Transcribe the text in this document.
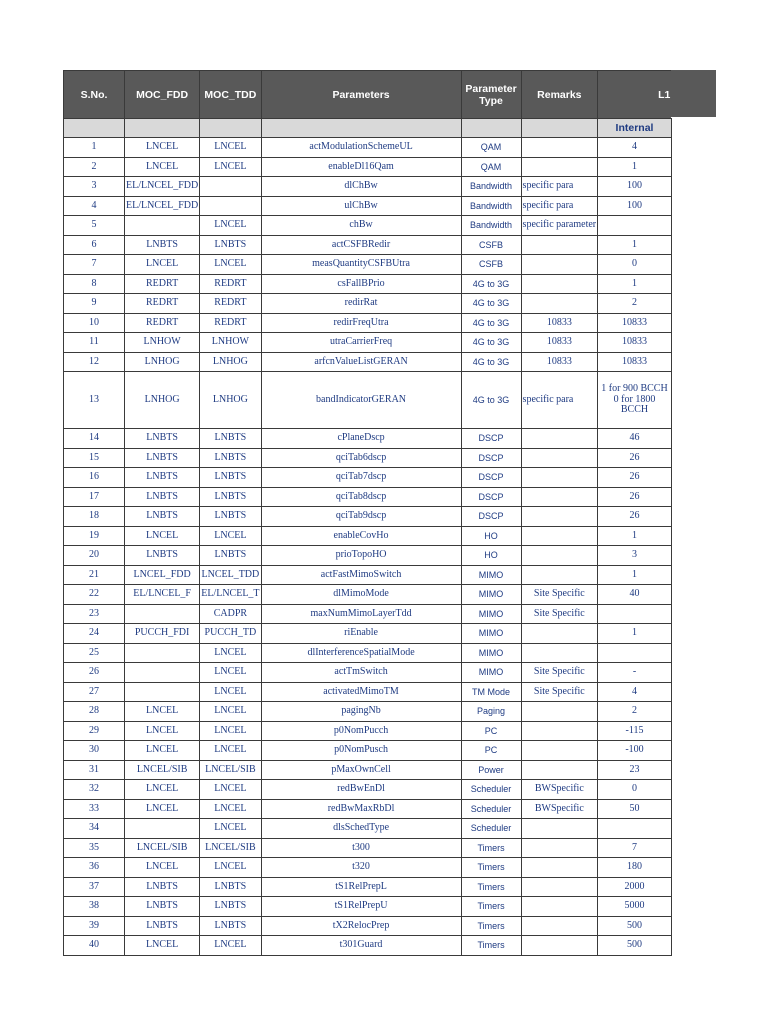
S.No.	MOC_FDD	MOC_TDD	Parameters	Parameter Type	Remarks	L1
						Internal
1	LNCEL	LNCEL	actModulationSchemeUL	QAM		4
2	LNCEL	LNCEL	enableDl16Qam	QAM		1
3	EL/LNCEL_FDD		dlChBw	Bandwidth	specific para	100
4	EL/LNCEL_FDD		ulChBw	Bandwidth	specific para	100
5		LNCEL	chBw	Bandwidth	specific parameter	
6	LNBTS	LNBTS	actCSFBRedir	CSFB		1
7	LNCEL	LNCEL	measQuantityCSFBUtra	CSFB		0
8	REDRT	REDRT	csFallBPrio	4G to 3G		1
9	REDRT	REDRT	redirRat	4G to 3G		2
10	REDRT	REDRT	redirFreqUtra	4G to 3G	10833	10833
11	LNHOW	LNHOW	utraCarrierFreq	4G to 3G	10833	10833
12	LNHOG	LNHOG	arfcnValueListGERAN	4G to 3G	10833	10833
13	LNHOG	LNHOG	bandIndicatorGERAN	4G to 3G	specific para	1 for 900 BCCH 0 for 1800 BCCH
14	LNBTS	LNBTS	cPlaneDscp	DSCP		46
15	LNBTS	LNBTS	qciTab6dscp	DSCP		26
16	LNBTS	LNBTS	qciTab7dscp	DSCP		26
17	LNBTS	LNBTS	qciTab8dscp	DSCP		26
18	LNBTS	LNBTS	qciTab9dscp	DSCP		26
19	LNCEL	LNCEL	enableCovHo	HO		1
20	LNBTS	LNBTS	prioTopoHO	HO		3
21	LNCEL_FDD	LNCEL_TDD	actFastMimoSwitch	MIMO		1
22	EL/LNCEL_F	EL/LNCEL_T	dlMimoMode	MIMO	Site Specific	40
23		CADPR	maxNumMimoLayerTdd	MIMO	Site Specific	
24	PUCCH_FDI	PUCCH_TD	riEnable	MIMO		1
25		LNCEL	dlInterferenceSpatialMode	MIMO		
26		LNCEL	actTmSwitch	MIMO	Site Specific	-
27		LNCEL	activatedMimoTM	TM Mode	Site Specific	4
28	LNCEL	LNCEL	pagingNb	Paging		2
29	LNCEL	LNCEL	p0NomPucch	PC		-115
30	LNCEL	LNCEL	p0NomPusch	PC		-100
31	LNCEL/SIB	LNCEL/SIB	pMaxOwnCell	Power		23
32	LNCEL	LNCEL	redBwEnDl	Scheduler	BWSpecific	0
33	LNCEL	LNCEL	redBwMaxRbDl	Scheduler	BWSpecific	50
34		LNCEL	dlsSchedType	Scheduler		
35	LNCEL/SIB	LNCEL/SIB	t300	Timers		7
36	LNCEL	LNCEL	t320	Timers		180
37	LNBTS	LNBTS	tS1RelPrepL	Timers		2000
38	LNBTS	LNBTS	tS1RelPrepU	Timers		5000
39	LNBTS	LNBTS	tX2RelocPrep	Timers		500
40	LNCEL	LNCEL	t301Guard	Timers		500
